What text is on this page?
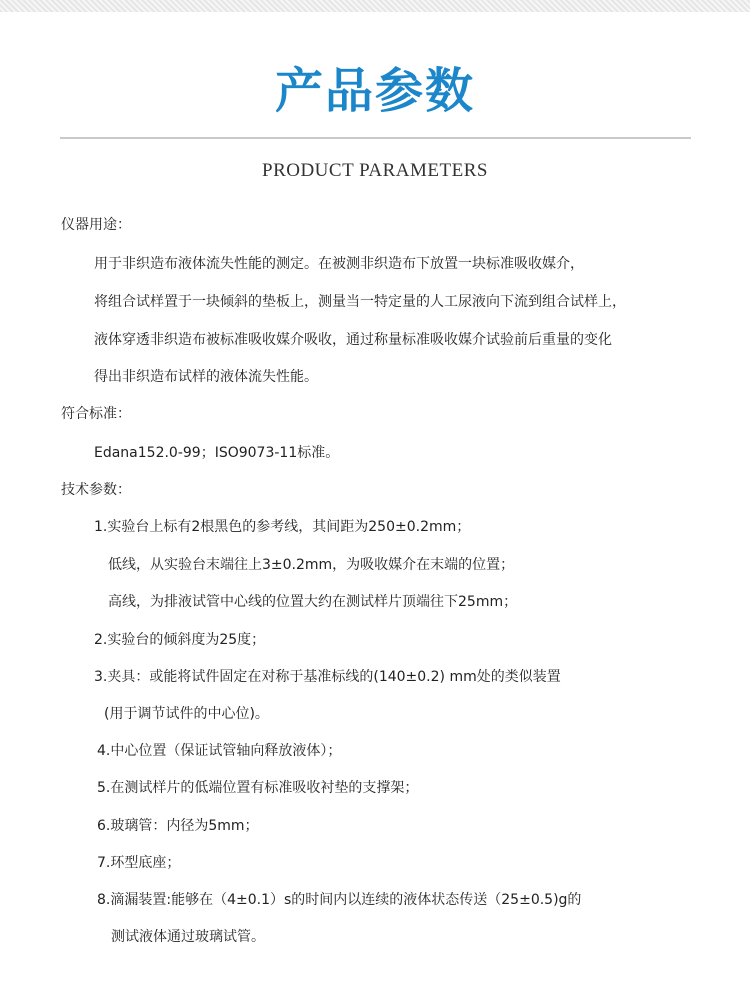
产品参数
PRODUCT PARAMETERS
仪器用途：
用于非织造布液体流失性能的测定。在被测非织造布下放置一块标准吸收媒介，
将组合试样置于一块倾斜的垫板上，测量当一特定量的人工尿液向下流到组合试样上，
液体穿透非织造布被标准吸收媒介吸收，通过称量标准吸收媒介试验前后重量的变化
得出非织造布试样的液体流失性能。
符合标准：
Edana152.0-99；ISO9073-11标准。
技术参数：
1.实验台上标有2根黑色的参考线，其间距为250±0.2mm；
低线，从实验台末端往上3±0.2mm，为吸收媒介在末端的位置；
高线，为排液试管中心线的位置大约在测试样片顶端往下25mm；
2.实验台的倾斜度为25度；
3.夹具：或能将试件固定在对称于基准标线的(140±0.2) mm处的类似装置
(用于调节试件的中心位)。
4.中心位置（保证试管轴向释放液体）；
5.在测试样片的低端位置有标准吸收衬垫的支撑架；
6.玻璃管：内径为5mm；
7.环型底座；
8.滴漏装置:能够在（4±0.1）s的时间内以连续的液体状态传送（25±0.5)g的
测试液体通过玻璃试管。
